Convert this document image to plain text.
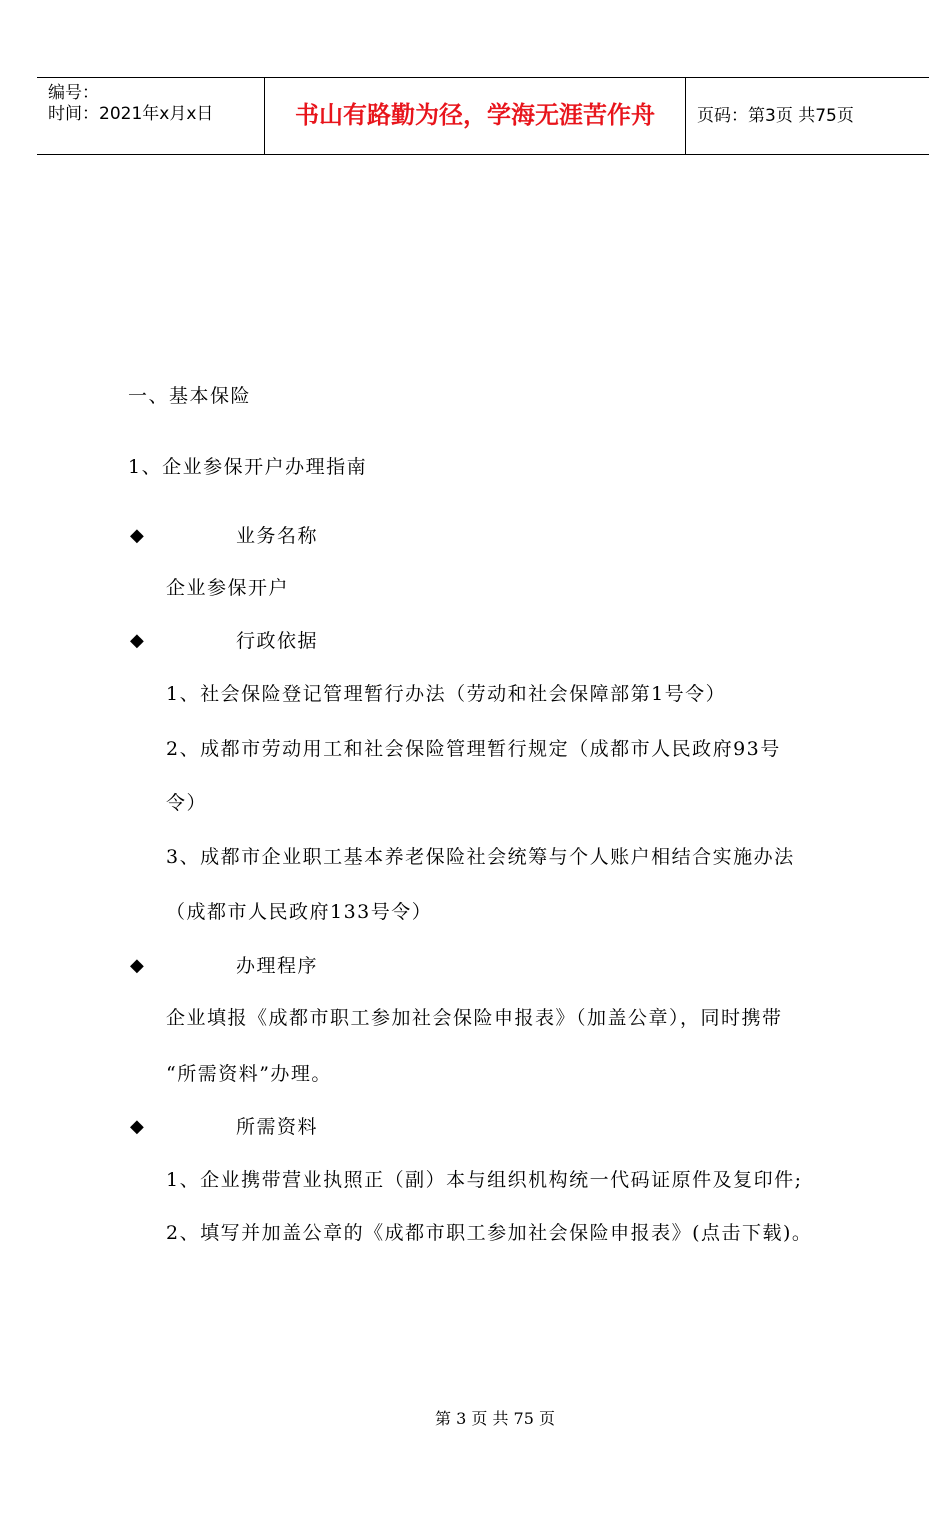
编号：
时间：2021年x月x日	书山有路勤为径，学海无涯苦作舟	页码：第3页 共75页
一、基本保险
1、企业参保开户办理指南
◆	业务名称
企业参保开户
◆	行政依据
1、社会保险登记管理暂行办法（劳动和社会保障部第1号令）
2、成都市劳动用工和社会保险管理暂行规定（成都市人民政府93号
令）
3、成都市企业职工基本养老保险社会统筹与个人账户相结合实施办法
（成都市人民政府133号令）
◆	办理程序
企业填报《成都市职工参加社会保险申报表》（加盖公章），同时携带
“所需资料”办理。
◆	所需资料
1、企业携带营业执照正（副）本与组织机构统一代码证原件及复印件;
2、填写并加盖公章的《成都市职工参加社会保险申报表》(点击下载)。
第 3 页 共 75 页
